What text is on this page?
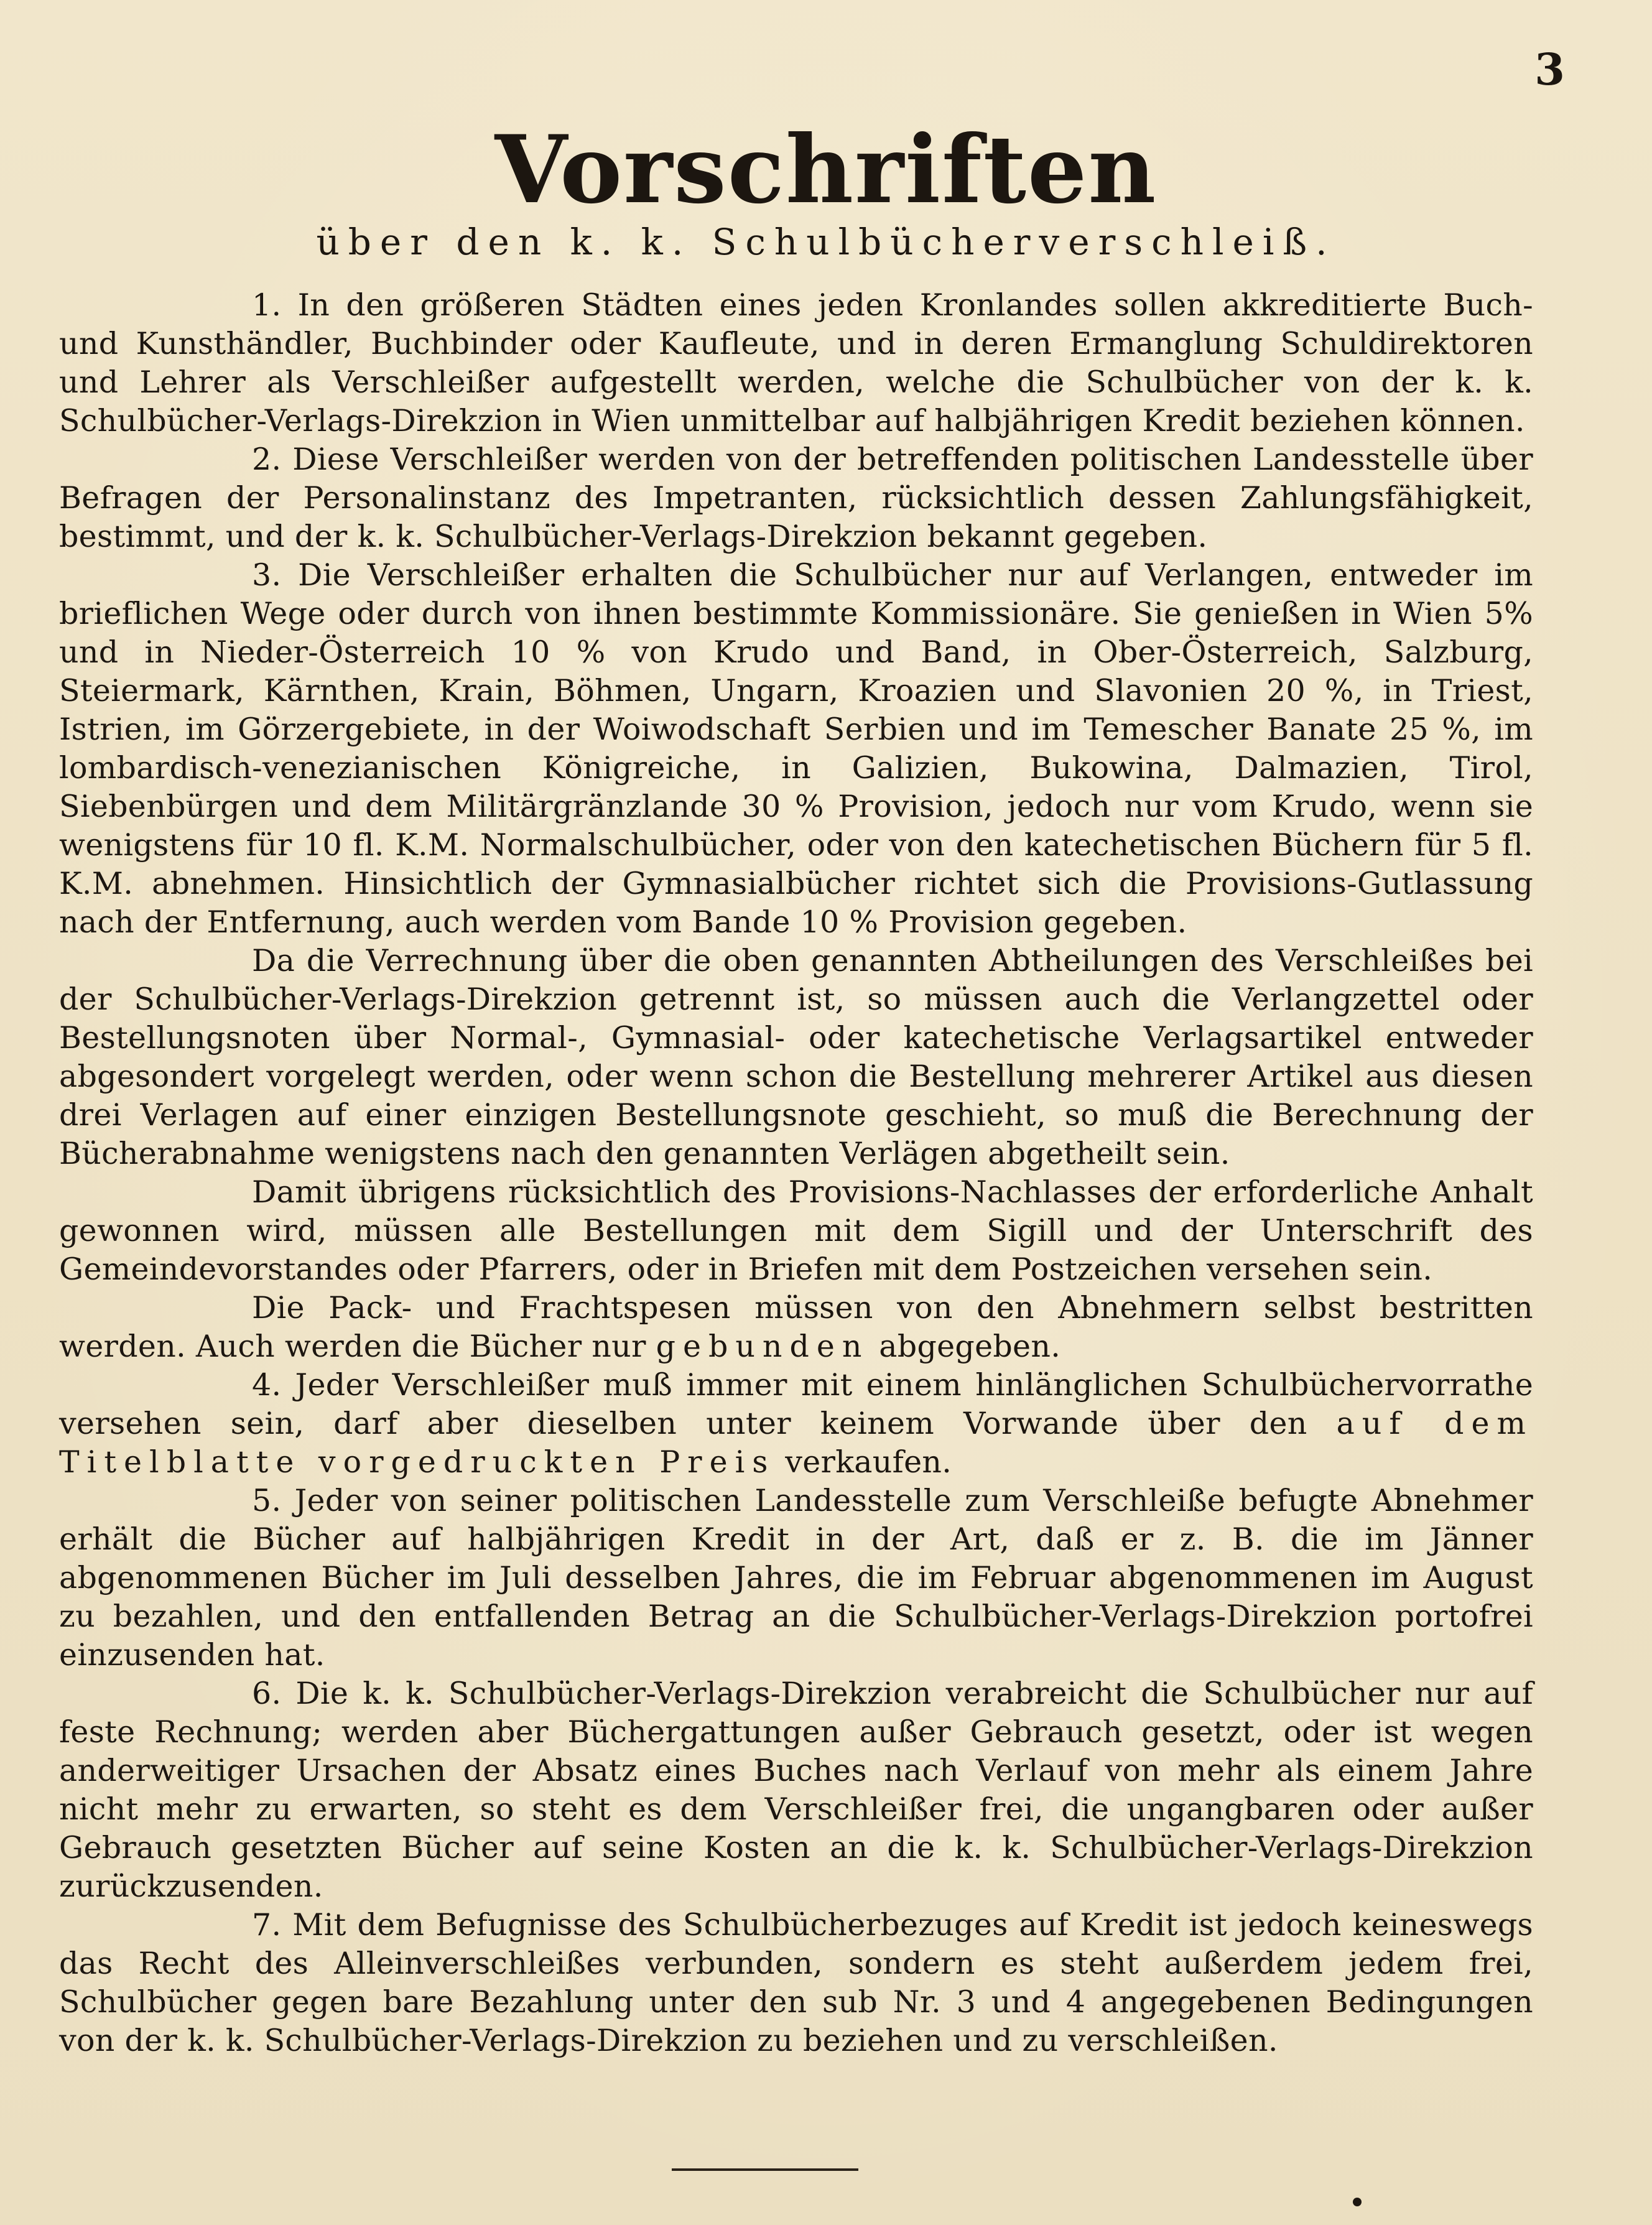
3
Vorschriften
über den k. k. Schulbücherverschleiß.

1. In den größeren Städten eines jeden Kronlandes sollen akkreditierte Buch- und Kunsthändler, Buchbinder oder Kaufleute, und in deren Ermanglung Schuldirektoren und Lehrer als Verschleißer aufgestellt werden, welche die Schulbücher von der k. k. Schulbücher-Verlags-Direkzion in Wien unmittelbar auf halbjährigen Kredit beziehen können.

2. Diese Verschleißer werden von der betreffenden politischen Landesstelle über Befragen der Personalinstanz des Impetranten, rücksichtlich dessen Zahlungsfähigkeit, bestimmt, und der k. k. Schulbücher-Verlags-Direkzion bekannt gegeben.

3. Die Verschleißer erhalten die Schulbücher nur auf Verlangen, entweder im brieflichen Wege oder durch von ihnen bestimmte Kommissionäre. Sie genießen in Wien 5% und in Nieder-Österreich 10 % von Krudo und Band, in Ober-Österreich, Salzburg, Steiermark, Kärnthen, Krain, Böhmen, Ungarn, Kroazien und Slavonien 20 %, in Triest, Istrien, im Görzergebiete, in der Woiwodschaft Serbien und im Temescher Banate 25 %, im lombardisch-venezianischen Königreiche, in Galizien, Bukowina, Dalmazien, Tirol, Siebenbürgen und dem Militärgränzlande 30 % Provision, jedoch nur vom Krudo, wenn sie wenigstens für 10 fl. K.M. Normalschulbücher, oder von den katechetischen Büchern für 5 fl. K.M. abnehmen. Hinsichtlich der Gymnasialbücher richtet sich die Provisions-Gutlassung nach der Entfernung, auch werden vom Bande 10 % Provision gegeben.

Da die Verrechnung über die oben genannten Abtheilungen des Verschleißes bei der Schulbücher-Verlags-Direkzion getrennt ist, so müssen auch die Verlangzettel oder Bestellungsnoten über Normal-, Gymnasial- oder katechetische Verlagsartikel entweder abgesondert vorgelegt werden, oder wenn schon die Bestellung mehrerer Artikel aus diesen drei Verlagen auf einer einzigen Bestellungsnote geschieht, so muß die Berechnung der Bücherabnahme wenigstens nach den genannten Verlägen abgetheilt sein.

Damit übrigens rücksichtlich des Provisions-Nachlasses der erforderliche Anhalt gewonnen wird, müssen alle Bestellungen mit dem Sigill und der Unterschrift des Gemeindevorstandes oder Pfarrers, oder in Briefen mit dem Postzeichen versehen sein.

Die Pack- und Frachtspesen müssen von den Abnehmern selbst bestritten werden. Auch werden die Bücher nur gebunden abgegeben.

4. Jeder Verschleißer muß immer mit einem hinlänglichen Schulbüchervorrathe versehen sein, darf aber dieselben unter keinem Vorwande über den auf dem Titelblatte vorgedruckten Preis verkaufen.

5. Jeder von seiner politischen Landesstelle zum Verschleiße befugte Abnehmer erhält die Bücher auf halbjährigen Kredit in der Art, daß er z. B. die im Jänner abgenommenen Bücher im Juli desselben Jahres, die im Februar abgenommenen im August zu bezahlen, und den entfallenden Betrag an die Schulbücher-Verlags-Direkzion portofrei einzusenden hat.

6. Die k. k. Schulbücher-Verlags-Direkzion verabreicht die Schulbücher nur auf feste Rechnung; werden aber Büchergattungen außer Gebrauch gesetzt, oder ist wegen anderweitiger Ursachen der Absatz eines Buches nach Verlauf von mehr als einem Jahre nicht mehr zu erwarten, so steht es dem Verschleißer frei, die ungangbaren oder außer Gebrauch gesetzten Bücher auf seine Kosten an die k. k. Schulbücher-Verlags-Direkzion zurückzusenden.

7. Mit dem Befugnisse des Schulbücherbezuges auf Kredit ist jedoch keineswegs das Recht des Alleinverschleißes verbunden, sondern es steht außerdem jedem frei, Schulbücher gegen bare Bezahlung unter den sub Nr. 3 und 4 angegebenen Bedingungen von der k. k. Schulbücher-Verlags-Direkzion zu beziehen und zu verschleißen.
